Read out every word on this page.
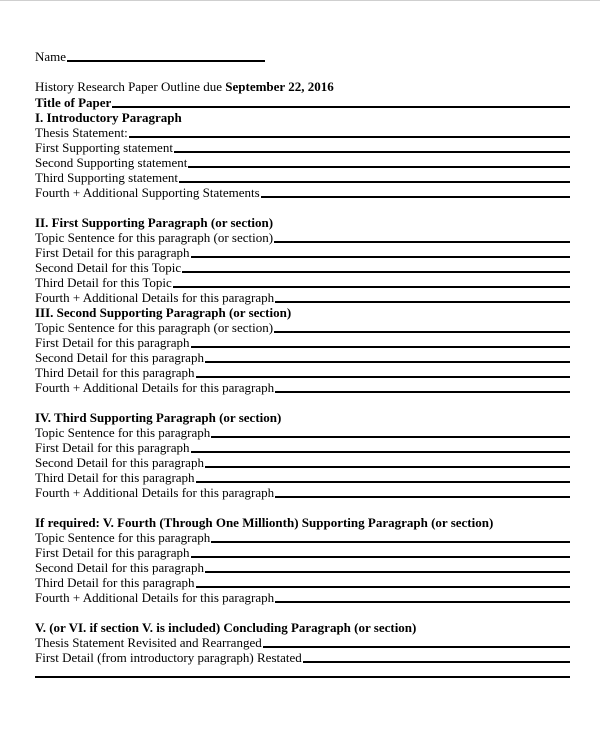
Name
History Research Paper Outline due September 22, 2016
Title of Paper
I. Introductory Paragraph
Thesis Statement:
First Supporting statement
Second Supporting statement
Third Supporting statement
Fourth + Additional Supporting Statements
II. First Supporting Paragraph (or section)
Topic Sentence for this paragraph (or section)
First Detail for this paragraph
Second Detail for this Topic
Third Detail for this Topic
Fourth + Additional Details for this paragraph
III. Second Supporting Paragraph (or section)
Topic Sentence for this paragraph (or section)
First Detail for this paragraph
Second Detail for this paragraph
Third Detail for this paragraph
Fourth + Additional Details for this paragraph
IV. Third Supporting Paragraph (or section)
Topic Sentence for this paragraph
First Detail for this paragraph
Second Detail for this paragraph
Third Detail for this paragraph
Fourth + Additional Details for this paragraph
If required: V. Fourth (Through One Millionth) Supporting Paragraph (or section)
Topic Sentence for this paragraph
First Detail for this paragraph
Second Detail for this paragraph
Third Detail for this paragraph
Fourth + Additional Details for this paragraph
V. (or VI. if section V. is included) Concluding Paragraph (or section)
Thesis Statement Revisited and Rearranged
First Detail (from introductory paragraph) Restated
